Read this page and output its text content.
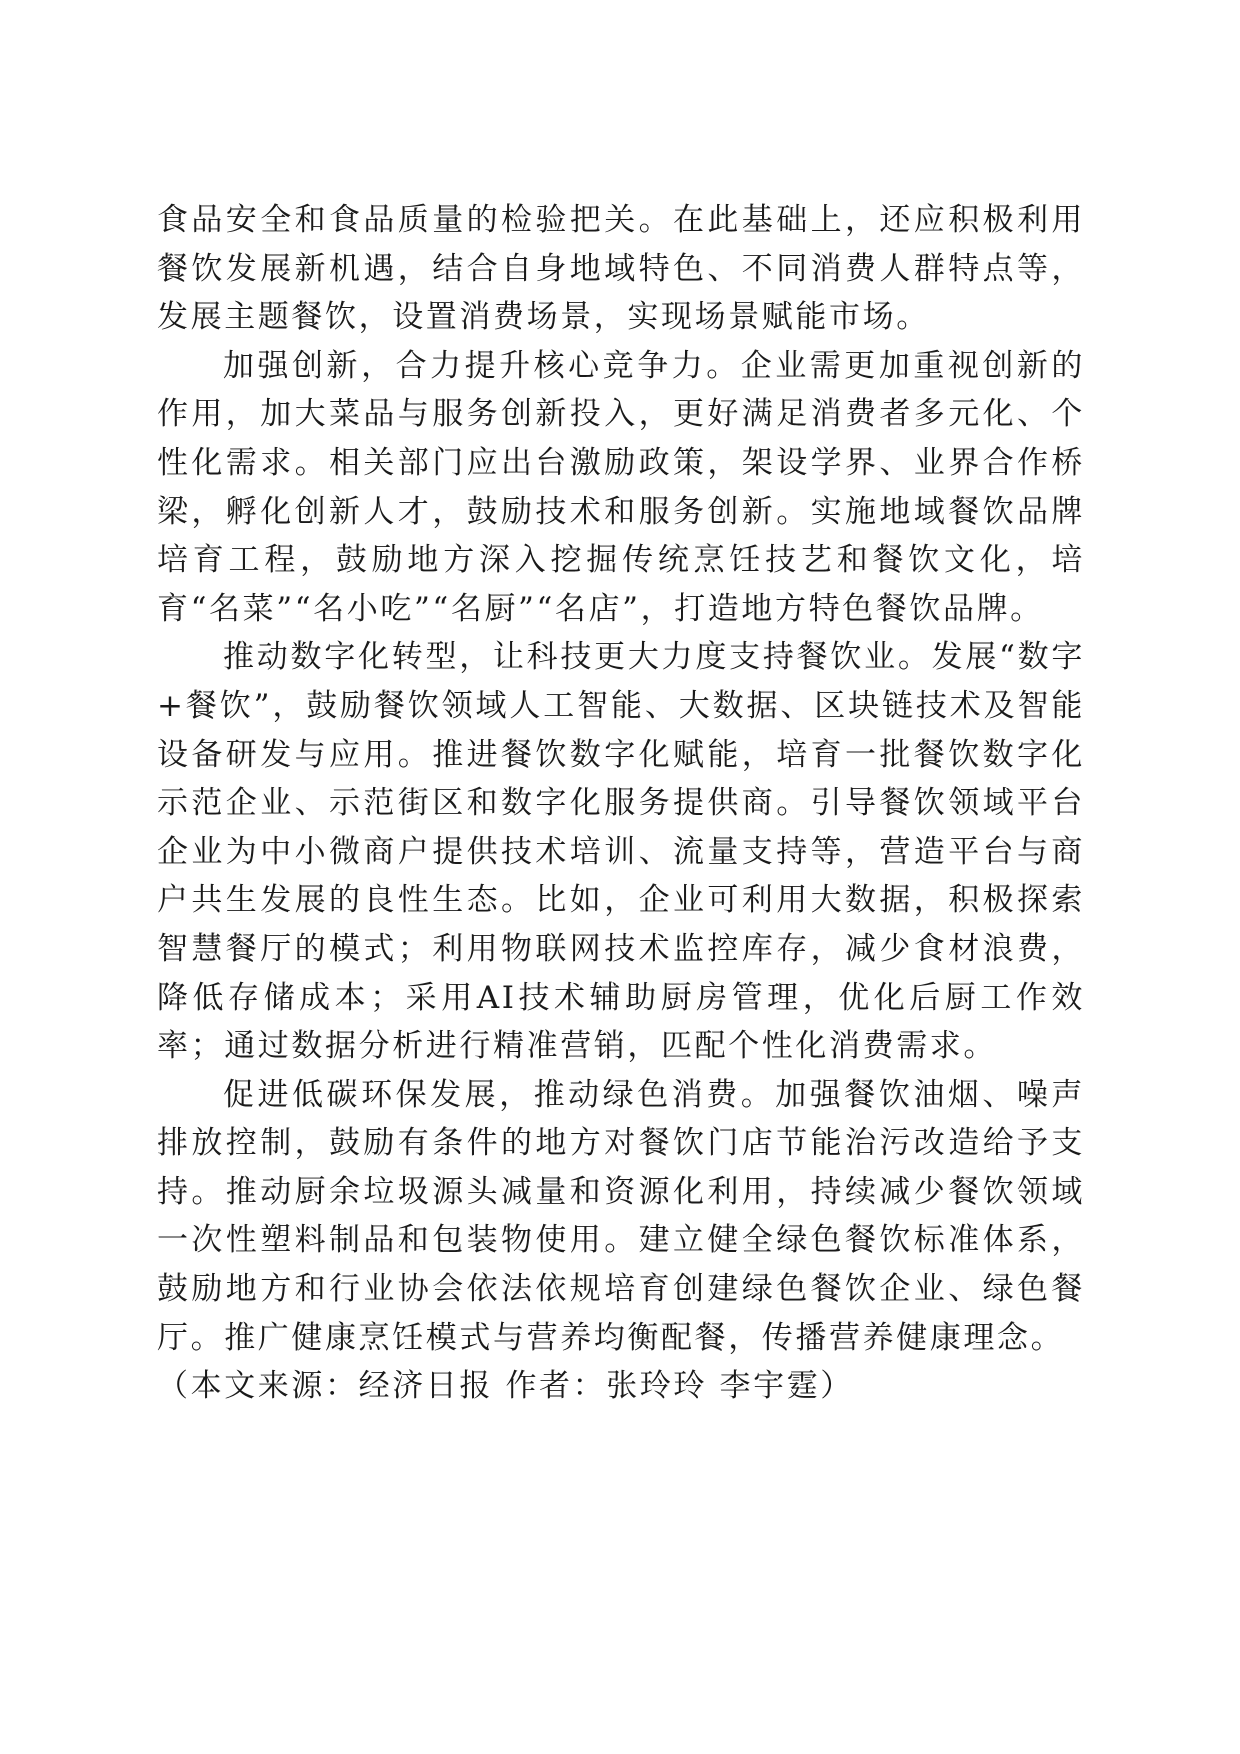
食品安全和食品质量的检验把关。在此基础上，还应积极利用餐饮发展新机遇，结合自身地域特色、不同消费人群特点等，发展主题餐饮，设置消费场景，实现场景赋能市场。

加强创新，合力提升核心竞争力。企业需更加重视创新的作用，加大菜品与服务创新投入，更好满足消费者多元化、个性化需求。相关部门应出台激励政策，架设学界、业界合作桥梁，孵化创新人才，鼓励技术和服务创新。实施地域餐饮品牌培育工程，鼓励地方深入挖掘传统烹饪技艺和餐饮文化，培育“名菜”“名小吃”“名厨”“名店”，打造地方特色餐饮品牌。

推动数字化转型，让科技更大力度支持餐饮业。发展“数字+餐饮”，鼓励餐饮领域人工智能、大数据、区块链技术及智能设备研发与应用。推进餐饮数字化赋能，培育一批餐饮数字化示范企业、示范街区和数字化服务提供商。引导餐饮领域平台企业为中小微商户提供技术培训、流量支持等，营造平台与商户共生发展的良性生态。比如，企业可利用大数据，积极探索智慧餐厅的模式；利用物联网技术监控库存，减少食材浪费，降低存储成本；采用AI技术辅助厨房管理，优化后厨工作效率；通过数据分析进行精准营销，匹配个性化消费需求。

促进低碳环保发展，推动绿色消费。加强餐饮油烟、噪声排放控制，鼓励有条件的地方对餐饮门店节能治污改造给予支持。推动厨余垃圾源头减量和资源化利用，持续减少餐饮领域一次性塑料制品和包装物使用。建立健全绿色餐饮标准体系，鼓励地方和行业协会依法依规培育创建绿色餐饮企业、绿色餐厅。推广健康烹饪模式与营养均衡配餐，传播营养健康理念。

（本文来源：经济日报 作者：张玲玲 李宇霆）
